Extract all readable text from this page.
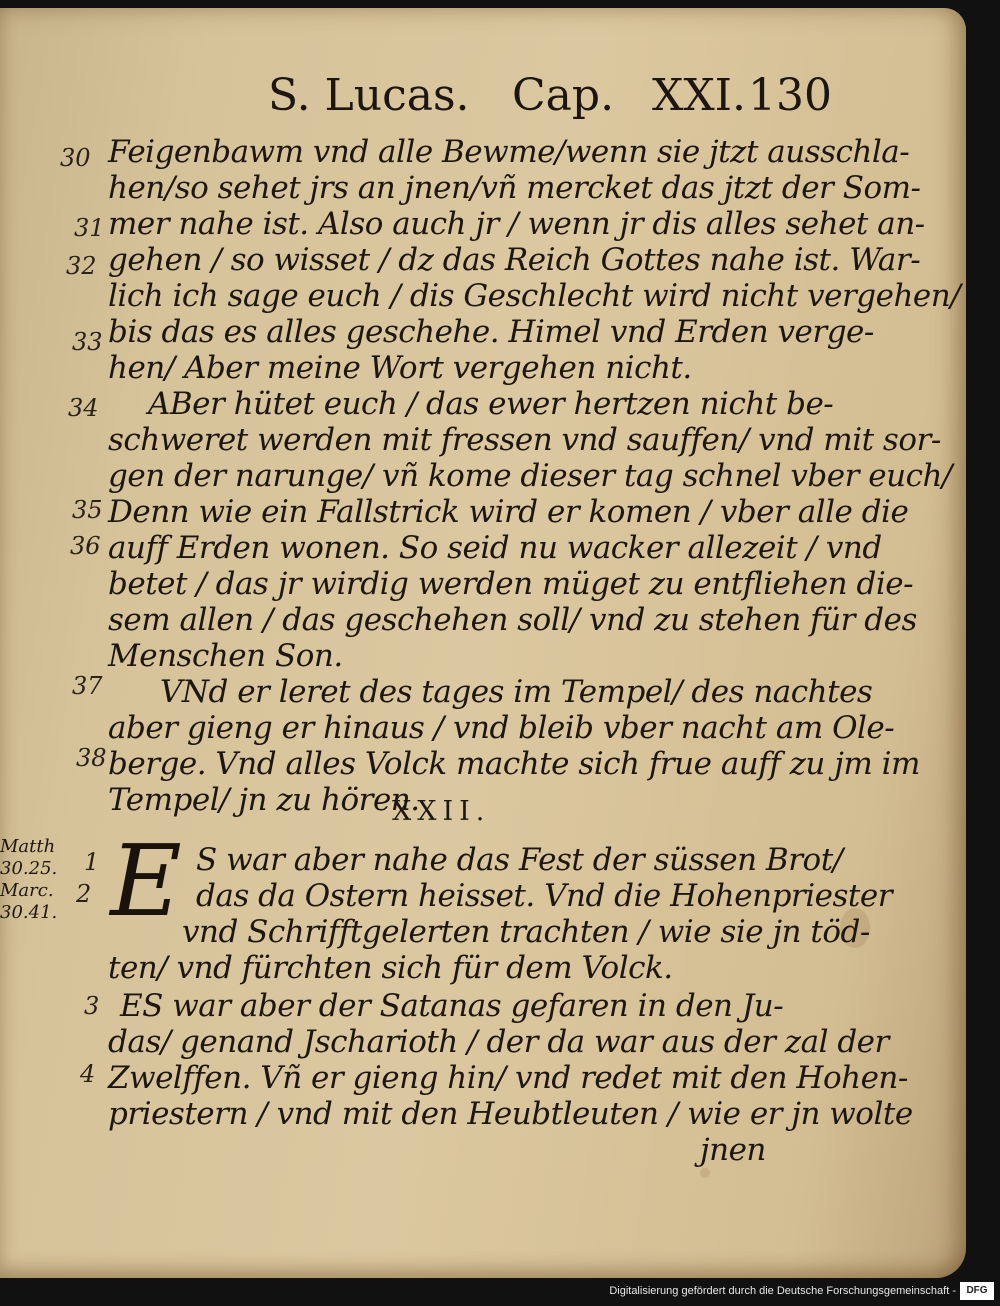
S. Lucas. Cap. XXI. 130
30
31
32
33
34
35
36
37
38
1
2
3
4
Feigenbawm vnd alle Bewme/wenn sie jtzt ausschla-
hen/so sehet jrs an jnen/vñ mercket das jtzt der Som-
mer nahe ist. Also auch jr / wenn jr dis alles sehet an-
gehen / so wisset / dz das Reich Gottes nahe ist. War-
lich ich sage euch / dis Geschlecht wird nicht vergehen/
bis das es alles geschehe. Himel vnd Erden verge-
hen/ Aber meine Wort vergehen nicht.
ABer hütet euch / das ewer hertzen nicht be-
schweret werden mit fressen vnd sauffen/ vnd mit sor-
gen der narunge/ vñ kome dieser tag schnel vber euch/
Denn wie ein Fallstrick wird er komen / vber alle die
auff Erden wonen. So seid nu wacker allezeit / vnd
betet / das jr wirdig werden müget zu entfliehen die-
sem allen / das geschehen soll/ vnd zu stehen für des
Menschen Son.
VNd er leret des tages im Tempel/ des nachtes
aber gieng er hinaus / vnd bleib vber nacht am Ole-
berge. Vnd alles Volck machte sich frue auff zu jm im
Tempel/ jn zu hören.
XXII.
E S war aber nahe das Fest der süssen Brot/
das da Ostern heisset. Vnd die Hohenpriester
vnd Schrifftgelerten trachten / wie sie jn töd-
ten/ vnd fürchten sich für dem Volck.
ES war aber der Satanas gefaren in den Ju-
das/ genand Jscharioth / der da war aus der zal der
Zwelffen. Vñ er gieng hin/ vnd redet mit den Hohen-
priestern / vnd mit den Heubtleuten / wie er jn wolte
jnen
Matth
30.25.
Marc.
30.41.
Digitalisierung gefördert durch die Deutsche Forschungsgemeinschaft -	DFG
